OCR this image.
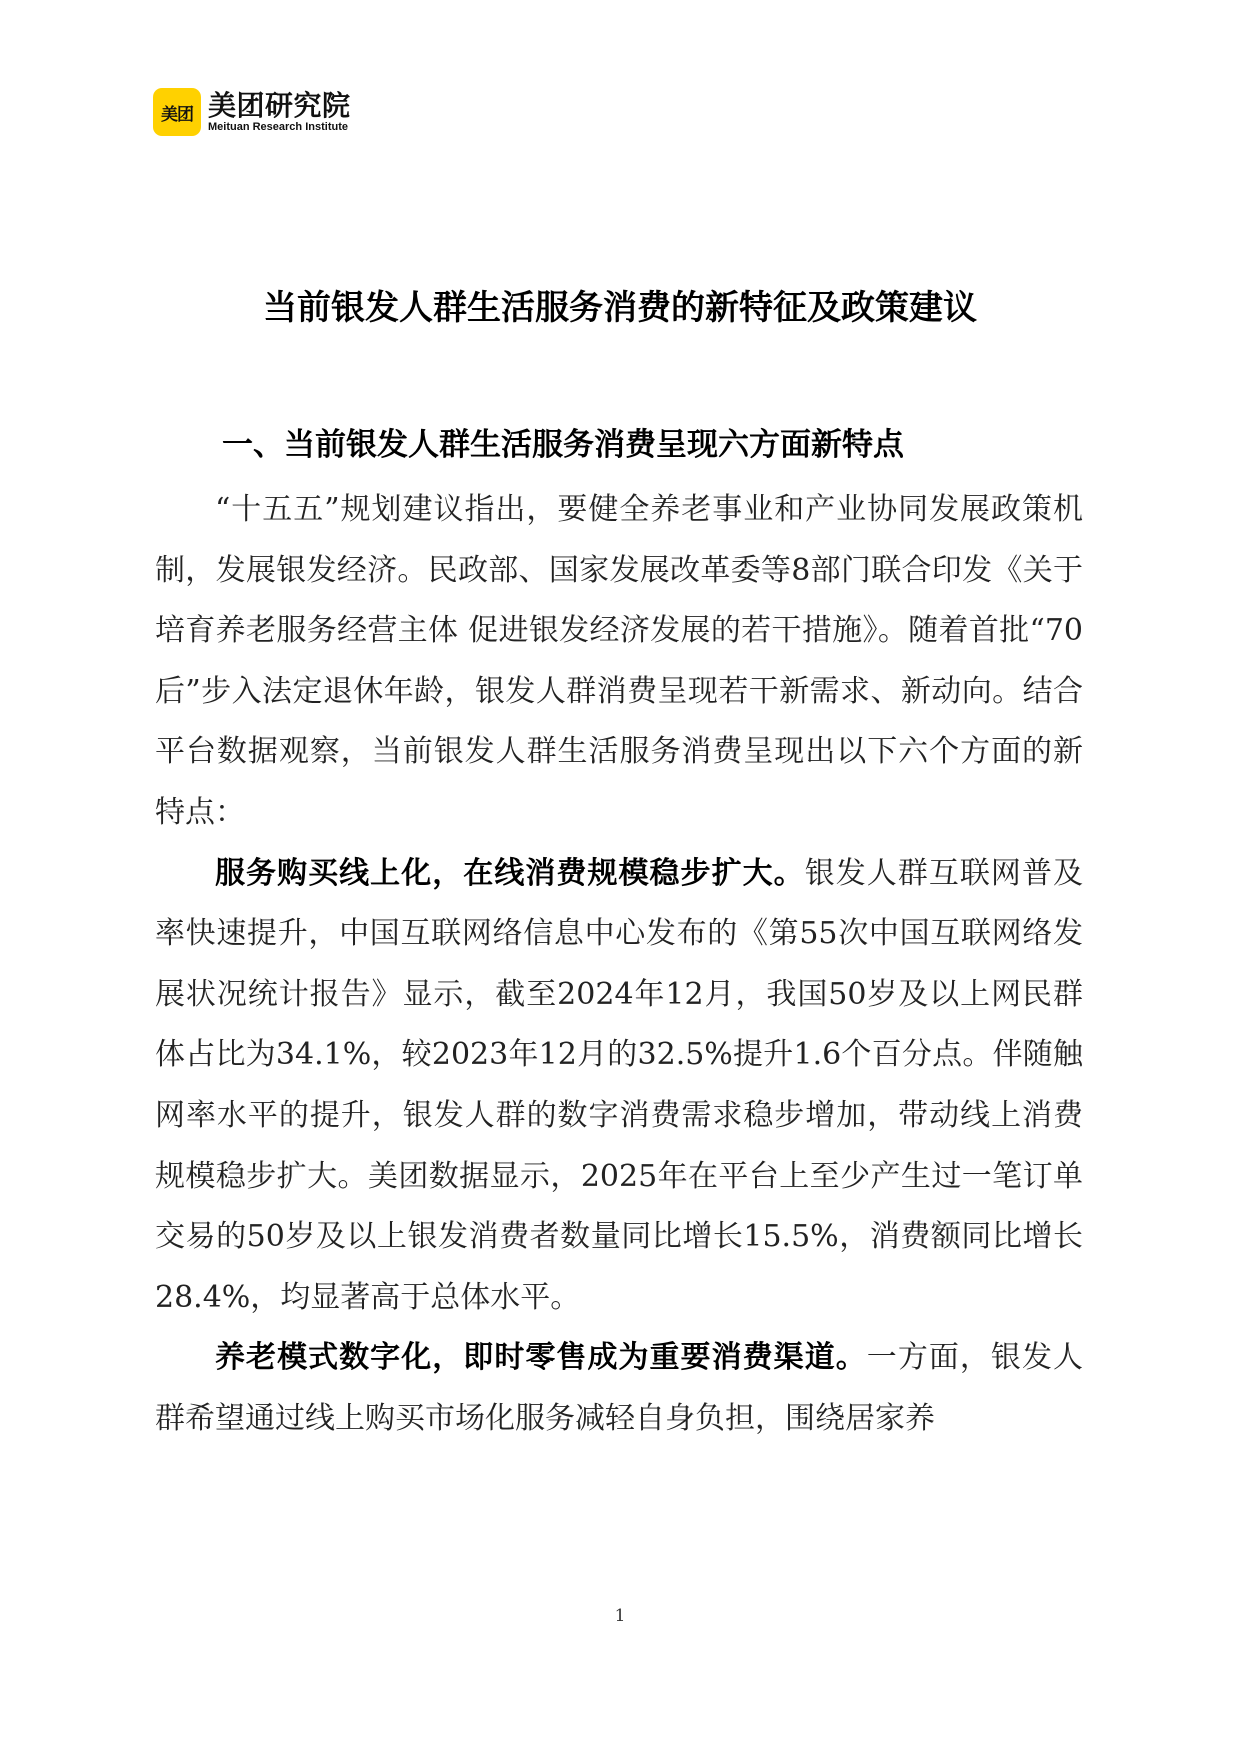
美团 美团研究院
Meituan Research Institute
当前银发人群生活服务消费的新特征及政策建议
一、当前银发人群生活服务消费呈现六方面新特点

“十五五”规划建议指出，要健全养老事业和产业协同发展政策机制，发展银发经济。民政部、国家发展改革委等8部门联合印发《关于培育养老服务经营主体 促进银发经济发展的若干措施》。随着首批“70后”步入法定退休年龄，银发人群消费呈现若干新需求、新动向。结合平台数据观察，当前银发人群生活服务消费呈现出以下六个方面的新特点：

服务购买线上化，在线消费规模稳步扩大。银发人群互联网普及率快速提升，中国互联网络信息中心发布的《第55次中国互联网络发展状况统计报告》显示，截至2024年12月，我国50岁及以上网民群体占比为34.1%，较2023年12月的32.5%提升1.6个百分点。伴随触网率水平的提升，银发人群的数字消费需求稳步增加，带动线上消费规模稳步扩大。美团数据显示，2025年在平台上至少产生过一笔订单交易的50岁及以上银发消费者数量同比增长15.5%，消费额同比增长28.4%，均显著高于总体水平。

养老模式数字化，即时零售成为重要消费渠道。一方面，银发人群希望通过线上购买市场化服务减轻自身负担，围绕居家养

1
